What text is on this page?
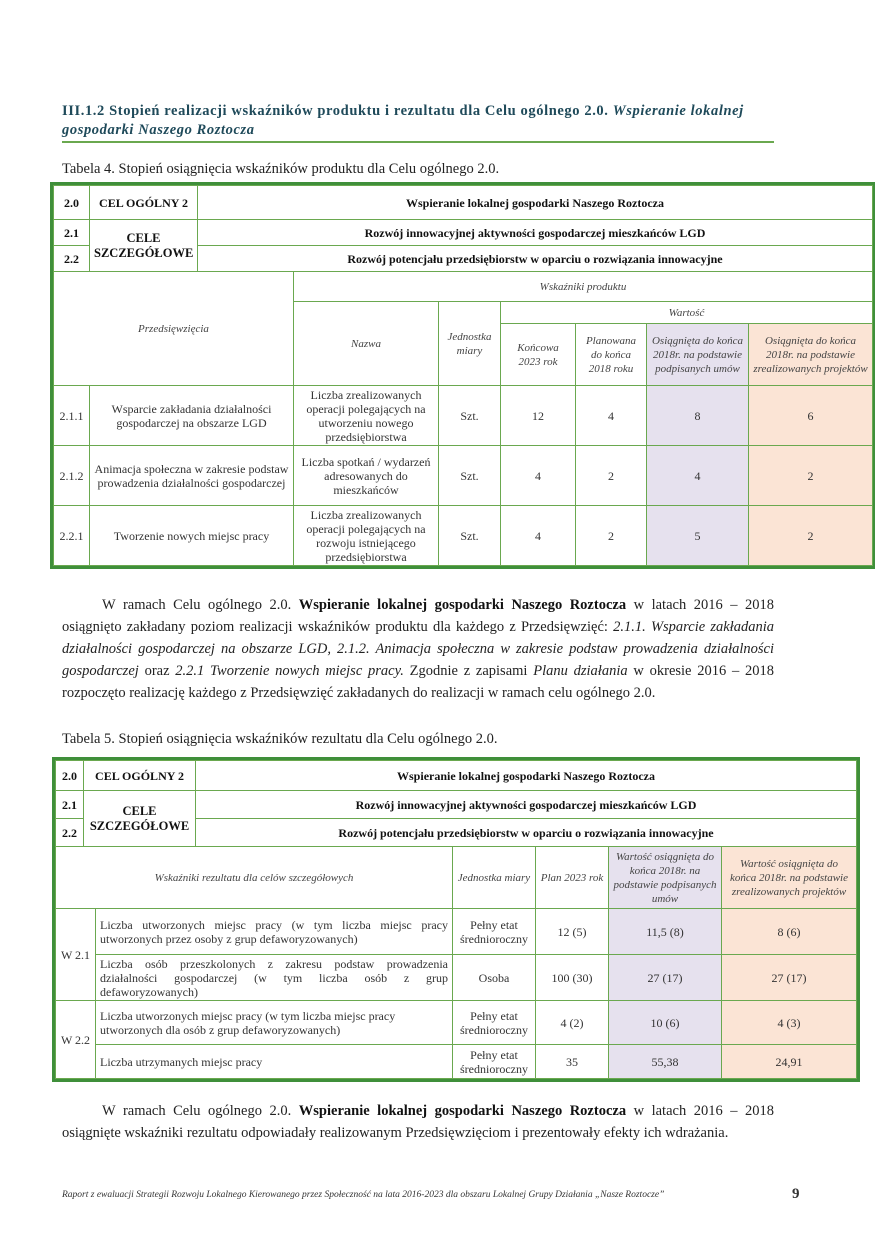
III.1.2 Stopień realizacji wskaźników produktu i rezultatu dla Celu ogólnego 2.0. Wspieranie lokalnej gospodarki Naszego Roztocza
Tabela 4. Stopień osiągnięcia wskaźników produktu dla Celu ogólnego 2.0.
2.0	CEL OGÓLNY 2	Wspieranie lokalnej gospodarki Naszego Roztocza						
2.1	CELE SZCZEGÓŁOWE	Rozwój innowacyjnej aktywności gospodarczej mieszkańców LGD						
2.2		Rozwój potencjału przedsiębiorstw w oparciu o rozwiązania innowacyjne						
Przedsięwzięcia			Wskaźniki produktu					
			Nazwa	Jednostka miary	Wartość			
					Końcowa 2023 rok	Planowana do końca 2018 roku	Osiągnięta do końca 2018r. na podstawie podpisanych umów	Osiągnięta do końca 2018r. na podstawie zrealizowanych projektów
2.1.1	Wsparcie zakładania działalności gospodarczej na obszarze LGD		Liczba zrealizowanych operacji polegających na utworzeniu nowego przedsiębiorstwa	Szt.	12	4	8	6
2.1.2	Animacja społeczna w zakresie podstaw prowadzenia działalności gospodarczej		Liczba spotkań / wydarzeń adresowanych do mieszkańców	Szt.	4	2	4	2
2.2.1	Tworzenie nowych miejsc pracy		Liczba zrealizowanych operacji polegających na rozwoju istniejącego przedsiębiorstwa	Szt.	4	2	5	2
W ramach Celu ogólnego 2.0. Wspieranie lokalnej gospodarki Naszego Roztocza w latach 2016 – 2018 osiągnięto zakładany poziom realizacji wskaźników produktu dla każdego z Przedsięwzięć: 2.1.1. Wsparcie zakładania działalności gospodarczej na obszarze LGD, 2.1.2. Animacja społeczna w zakresie podstaw prowadzenia działalności gospodarczej oraz 2.2.1 Tworzenie nowych miejsc pracy. Zgodnie z zapisami Planu działania w okresie 2016 – 2018 rozpoczęto realizację każdego z Przedsięwzięć zakładanych do realizacji w ramach celu ogólnego 2.0.
Tabela 5. Stopień osiągnięcia wskaźników rezultatu dla Celu ogólnego 2.0.
2.0	CEL OGÓLNY 2		Wspieranie lokalnej gospodarki Naszego Roztocza				
2.1	CELE SZCZEGÓŁOWE		Rozwój innowacyjnej aktywności gospodarczej mieszkańców LGD				
2.2			Rozwój potencjału przedsiębiorstw w oparciu o rozwiązania innowacyjne				
Wskaźniki rezultatu dla celów szczegółowych				Jednostka miary	Plan 2023 rok	Wartość osiągnięta do końca 2018r. na podstawie podpisanych umów	Wartość osiągnięta do końca 2018r. na podstawie zrealizowanych projektów
W 2.1		Liczba utworzonych miejsc pracy (w tym liczba miejsc pracy utworzonych przez osoby z grup defaworyzowanych)		Pełny etat średnioroczny	12 (5)	11,5 (8)	8 (6)
		Liczba osób przeszkolonych z zakresu podstaw prowadzenia działalności gospodarczej (w tym liczba osób z grup defaworyzowanych)		Osoba	100 (30)	27 (17)	27 (17)
W 2.2		Liczba utworzonych miejsc pracy (w tym liczba miejsc pracy utworzonych dla osób z grup defaworyzowanych)		Pełny etat średnioroczny	4 (2)	10 (6)	4 (3)
		Liczba utrzymanych miejsc pracy		Pełny etat średnioroczny	35	55,38	24,91
W ramach Celu ogólnego 2.0. Wspieranie lokalnej gospodarki Naszego Roztocza w latach 2016 – 2018 osiągnięte wskaźniki rezultatu odpowiadały realizowanym Przedsięwzięciom i prezentowały efekty ich wdrażania.
Raport z ewaluacji Strategii Rozwoju Lokalnego Kierowanego przez Społeczność na lata 2016-2023 dla obszaru Lokalnej Grupy Działania „Nasze Roztocze”	9
